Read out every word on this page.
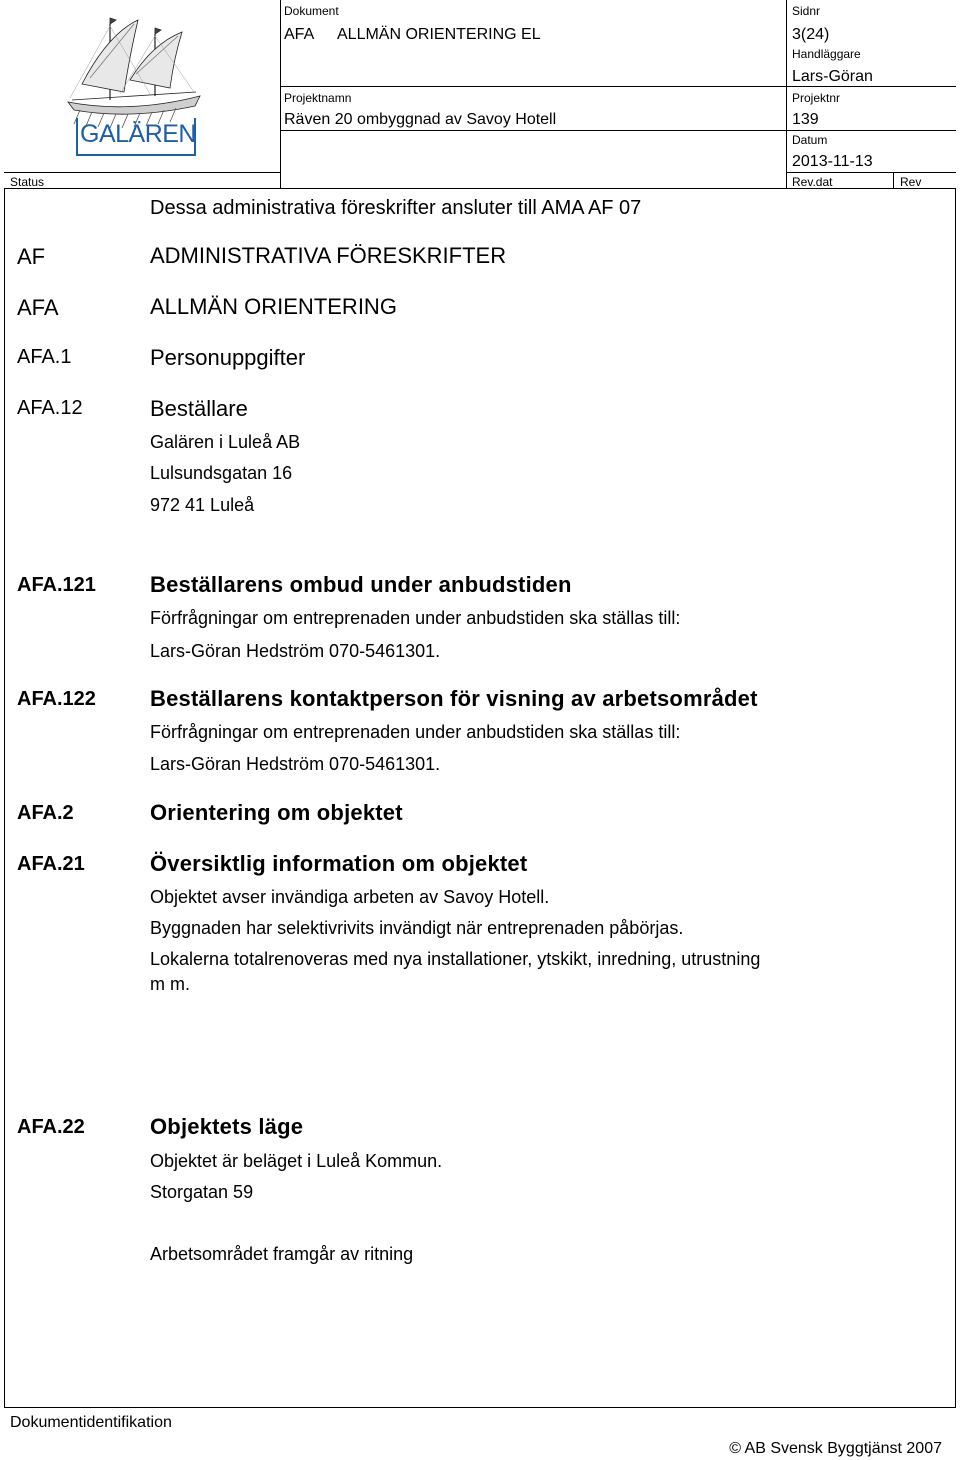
GALÄREN
Dokument
AFA ALLMÄN ORIENTERING EL
Sidnr
3(24)
Handläggare
Lars-Göran
Projektnamn
Räven 20 ombyggnad av Savoy Hotell
Projektnr
139
Datum
2013-11-13
Status	Rev.dat	Rev
Dessa administrativa föreskrifter ansluter till AMA AF 07
AF	ADMINISTRATIVA FÖRESKRIFTER
AFA	ALLMÄN ORIENTERING
AFA.1	Personuppgifter
AFA.12	Beställare
Galären i Luleå AB
Lulsundsgatan 16
972 41 Luleå
AFA.121 Beställarens ombud under anbudstiden
Förfrågningar om entreprenaden under anbudstiden ska ställas till:
Lars-Göran Hedström 070-5461301.
AFA.122 Beställarens kontaktperson för visning av arbetsområdet
Förfrågningar om entreprenaden under anbudstiden ska ställas till:
Lars-Göran Hedström 070-5461301.
AFA.2	Orientering om objektet
AFA.21	Översiktlig information om objektet
Objektet avser invändiga arbeten av Savoy Hotell.
Byggnaden har selektivrivits invändigt när entreprenaden påbörjas.
Lokalerna totalrenoveras med nya installationer, ytskikt, inredning, utrustning
m m.
AFA.22	Objektets läge
Objektet är beläget i Luleå Kommun.
Storgatan 59
Arbetsområdet framgår av ritning
Dokumentidentifikation
© AB Svensk Byggtjänst 2007
